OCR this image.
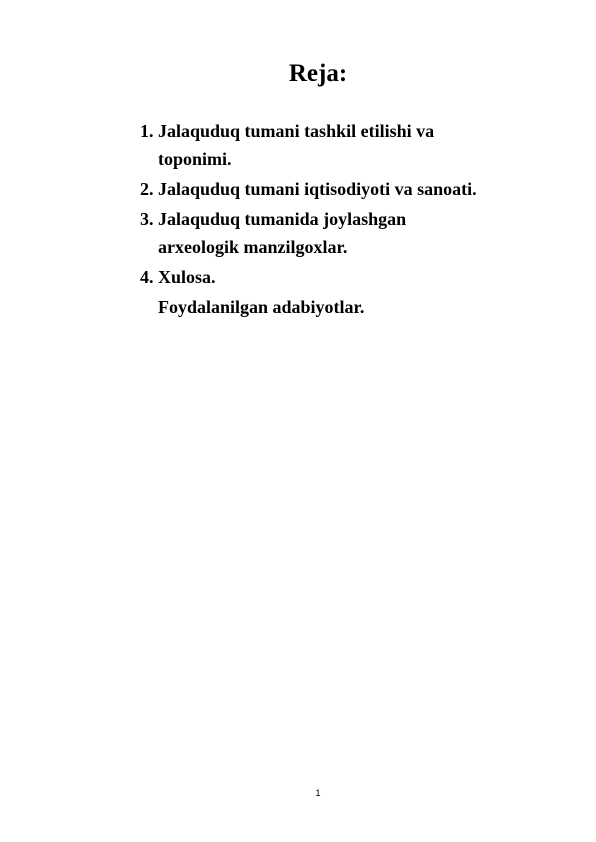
Reja:
1. Jalaquduq tumani tashkil etilishi va
toponimi.
2. Jalaquduq tumani iqtisodiyoti va sanoati.
3. Jalaquduq tumanida joylashgan
arxeologik manzilgoxlar.
4. Xulosa.
Foydalanilgan adabiyotlar.
1
